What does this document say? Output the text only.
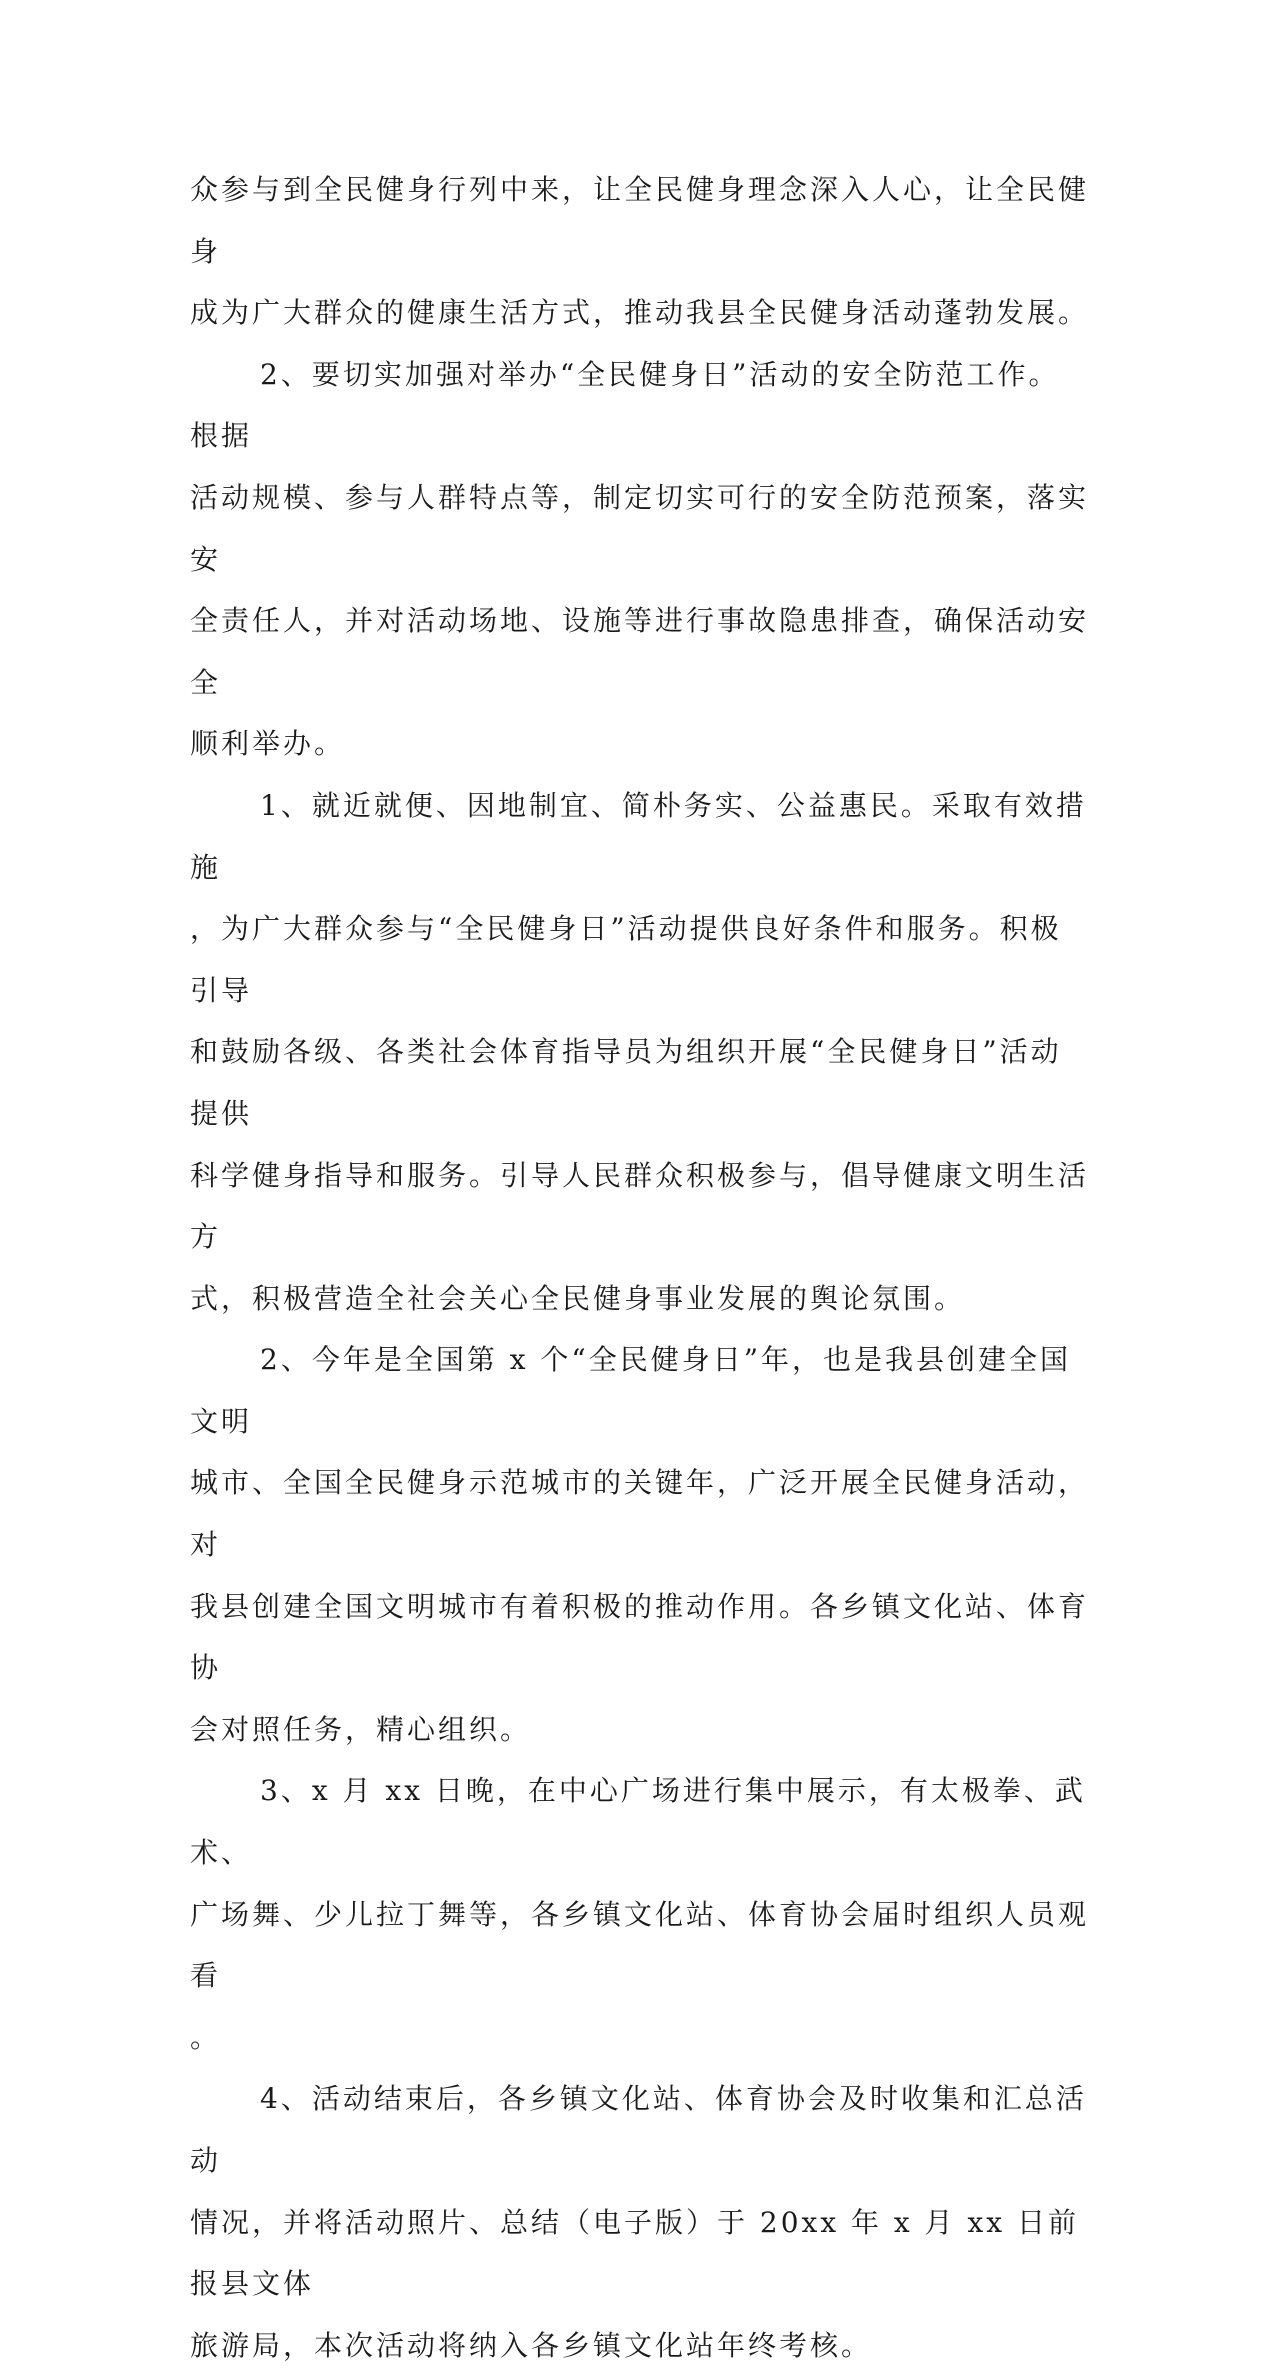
众参与到全民健身行列中来，让全民健身理念深入人心，让全民健身
成为广大群众的健康生活方式，推动我县全民健身活动蓬勃发展。

2、要切实加强对举办“全民健身日”活动的安全防范工作。根据
活动规模、参与人群特点等，制定切实可行的安全防范预案，落实安
全责任人，并对活动场地、设施等进行事故隐患排查，确保活动安全
顺利举办。

1、就近就便、因地制宜、简朴务实、公益惠民。采取有效措施
，为广大群众参与“全民健身日”活动提供良好条件和服务。积极引导
和鼓励各级、各类社会体育指导员为组织开展“全民健身日”活动提供
科学健身指导和服务。引导人民群众积极参与，倡导健康文明生活方
式，积极营造全社会关心全民健身事业发展的舆论氛围。

2、今年是全国第 x 个“全民健身日”年，也是我县创建全国文明
城市、全国全民健身示范城市的关键年，广泛开展全民健身活动，对
我县创建全国文明城市有着积极的推动作用。各乡镇文化站、体育协
会对照任务，精心组织。

3、x 月 xx 日晚，在中心广场进行集中展示，有太极拳、武术、
广场舞、少儿拉丁舞等，各乡镇文化站、体育协会届时组织人员观看
。

4、活动结束后，各乡镇文化站、体育协会及时收集和汇总活动
情况，并将活动照片、总结（电子版）于 20xx 年 x 月 xx 日前报县文体
旅游局，本次活动将纳入各乡镇文化站年终考核。
